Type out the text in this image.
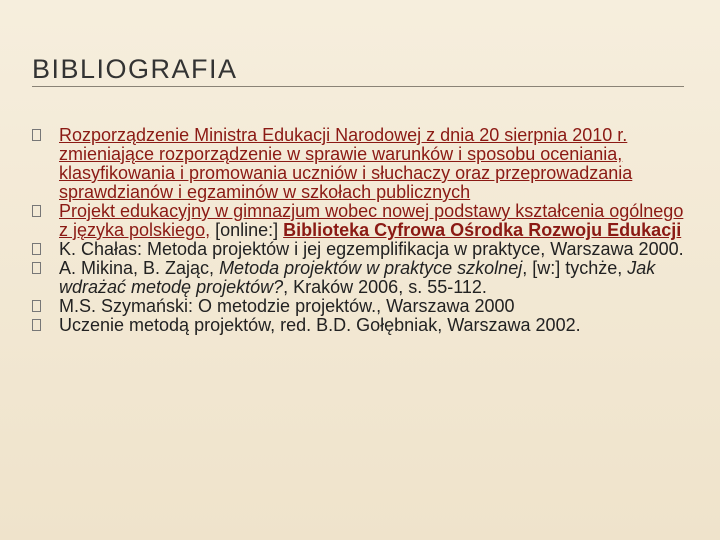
BIBLIOGRAFIA
Rozporządzenie Ministra Edukacji Narodowej z dnia 20 sierpnia 2010 r. zmieniające rozporządzenie w sprawie warunków i sposobu oceniania, klasyfikowania i promowania uczniów i słuchaczy oraz przeprowadzania sprawdzianów i egzaminów w szkołach publicznych
Projekt edukacyjny w gimnazjum wobec nowej podstawy kształcenia ogólnego z języka polskiego, [online:] Biblioteka Cyfrowa Ośrodka Rozwoju Edukacji
K. Chałas: Metoda projektów i jej egzemplifikacja w praktyce, Warszawa 2000.
A. Mikina, B. Zając, Metoda projektów w praktyce szkolnej, [w:] tychże, Jak wdrażać metodę projektów?, Kraków 2006, s. 55-112.
M.S. Szymański: O metodzie projektów., Warszawa 2000
Uczenie metodą projektów, red. B.D. Gołębniak, Warszawa 2002.
